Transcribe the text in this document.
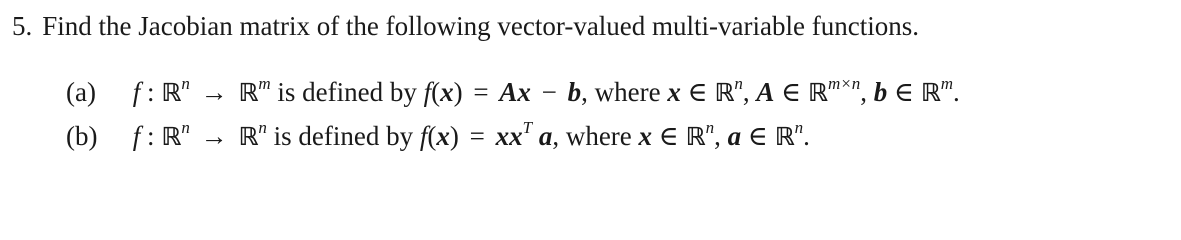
5. Find the Jacobian matrix of the following vector-valued multi-variable functions.
(a) f : ℝ$^n$ → ℝ$^m$ is defined by f(x) = Ax − b, where x ∈ ℝ$^n$, A ∈ ℝ$^{m\times n}$, b ∈ ℝ$^m$.
(b) f : ℝ$^n$ → ℝ$^n$ is defined by $f(x) = xx^T$ a, where x ∈ ℝ$^n$, a ∈ ℝ$^n$.
